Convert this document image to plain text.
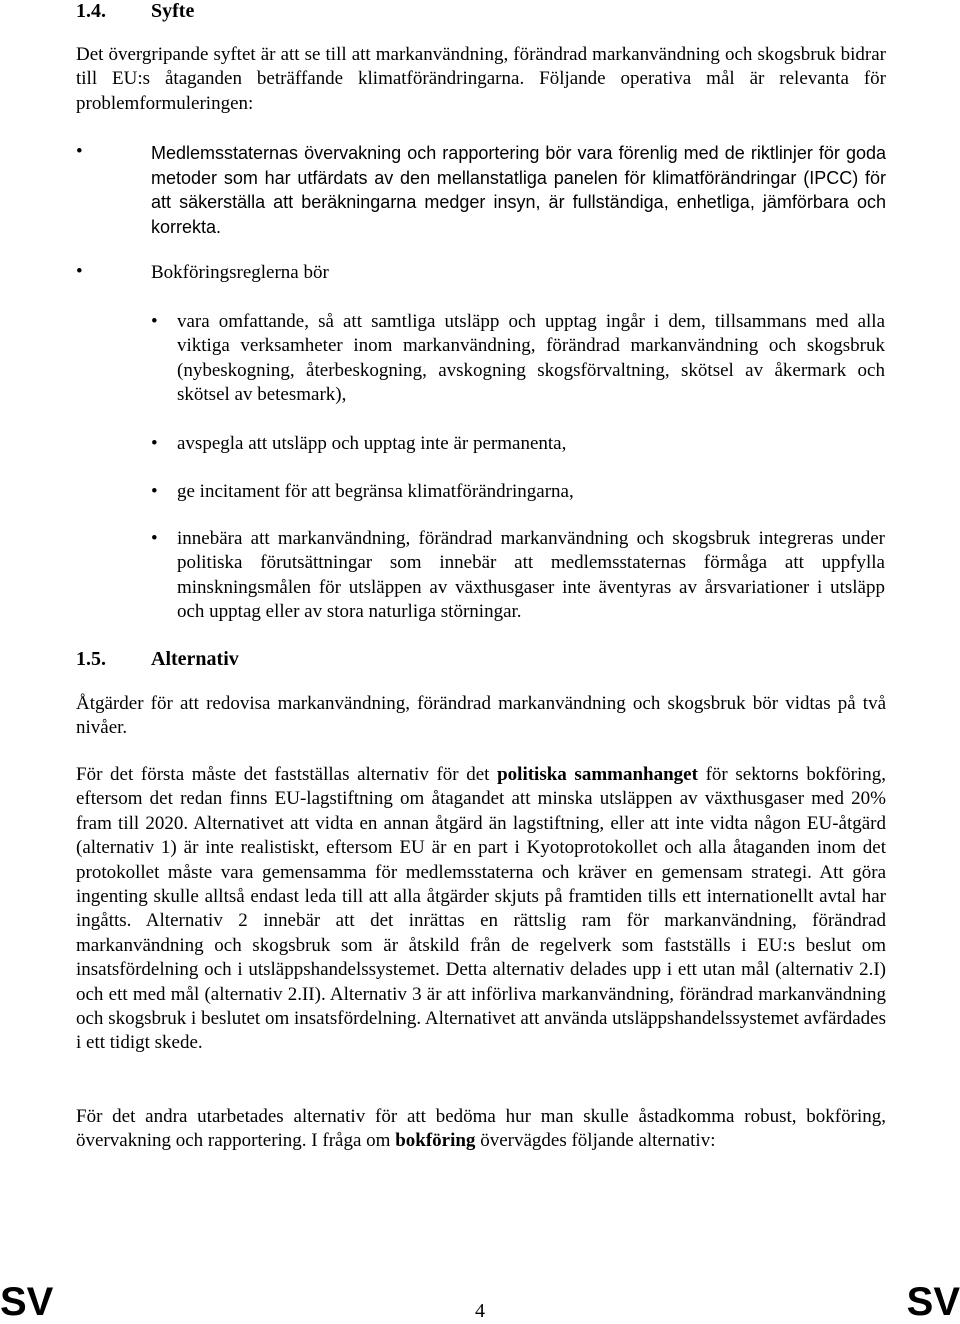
1.4. Syfte
Det övergripande syftet är att se till att markanvändning, förändrad markanvändning och skogsbruk bidrar till EU:s åtaganden beträffande klimatförändringarna. Följande operativa mål är relevanta för problemformuleringen:
•	Medlemsstaternas övervakning och rapportering bör vara förenlig med de riktlinjer för goda metoder som har utfärdats av den mellanstatliga panelen för klimatförändringar (IPCC) för att säkerställa att beräkningarna medger insyn, är fullständiga, enhetliga, jämförbara och korrekta.
•	Bokföringsreglerna bör
• vara omfattande, så att samtliga utsläpp och upptag ingår i dem, tillsammans med alla viktiga verksamheter inom markanvändning, förändrad markanvändning och skogsbruk (nybeskogning, återbeskogning, avskogning skogsförvaltning, skötsel av åkermark och skötsel av betesmark),
• avspegla att utsläpp och upptag inte är permanenta,
• ge incitament för att begränsa klimatförändringarna,
• innebära att markanvändning, förändrad markanvändning och skogsbruk integreras under politiska förutsättningar som innebär att medlemsstaternas förmåga att uppfylla minskningsmålen för utsläppen av växthusgaser inte äventyras av årsvariationer i utsläpp och upptag eller av stora naturliga störningar.
1.5. Alternativ
Åtgärder för att redovisa markanvändning, förändrad markanvändning och skogsbruk bör vidtas på två nivåer.
För det första måste det fastställas alternativ för det politiska sammanhanget för sektorns bokföring, eftersom det redan finns EU-lagstiftning om åtagandet att minska utsläppen av växthusgaser med 20% fram till 2020. Alternativet att vidta en annan åtgärd än lagstiftning, eller att inte vidta någon EU-åtgärd (alternativ 1) är inte realistiskt, eftersom EU är en part i Kyotoprotokollet och alla åtaganden inom det protokollet måste vara gemensamma för medlemsstaterna och kräver en gemensam strategi. Att göra ingenting skulle alltså endast leda till att alla åtgärder skjuts på framtiden tills ett internationellt avtal har ingåtts. Alternativ 2 innebär att det inrättas en rättslig ram för markanvändning, förändrad markanvändning och skogsbruk som är åtskild från de regelverk som fastställs i EU:s beslut om insatsfördelning och i utsläppshandelssystemet. Detta alternativ delades upp i ett utan mål (alternativ 2.I) och ett med mål (alternativ 2.II). Alternativ 3 är att införliva markanvändning, förändrad markanvändning och skogsbruk i beslutet om insatsfördelning. Alternativet att använda utsläppshandelssystemet avfärdades i ett tidigt skede.
För det andra utarbetades alternativ för att bedöma hur man skulle åstadkomma robust, bokföring, övervakning och rapportering. I fråga om bokföring övervägdes följande alternativ:
SV	4	SV
